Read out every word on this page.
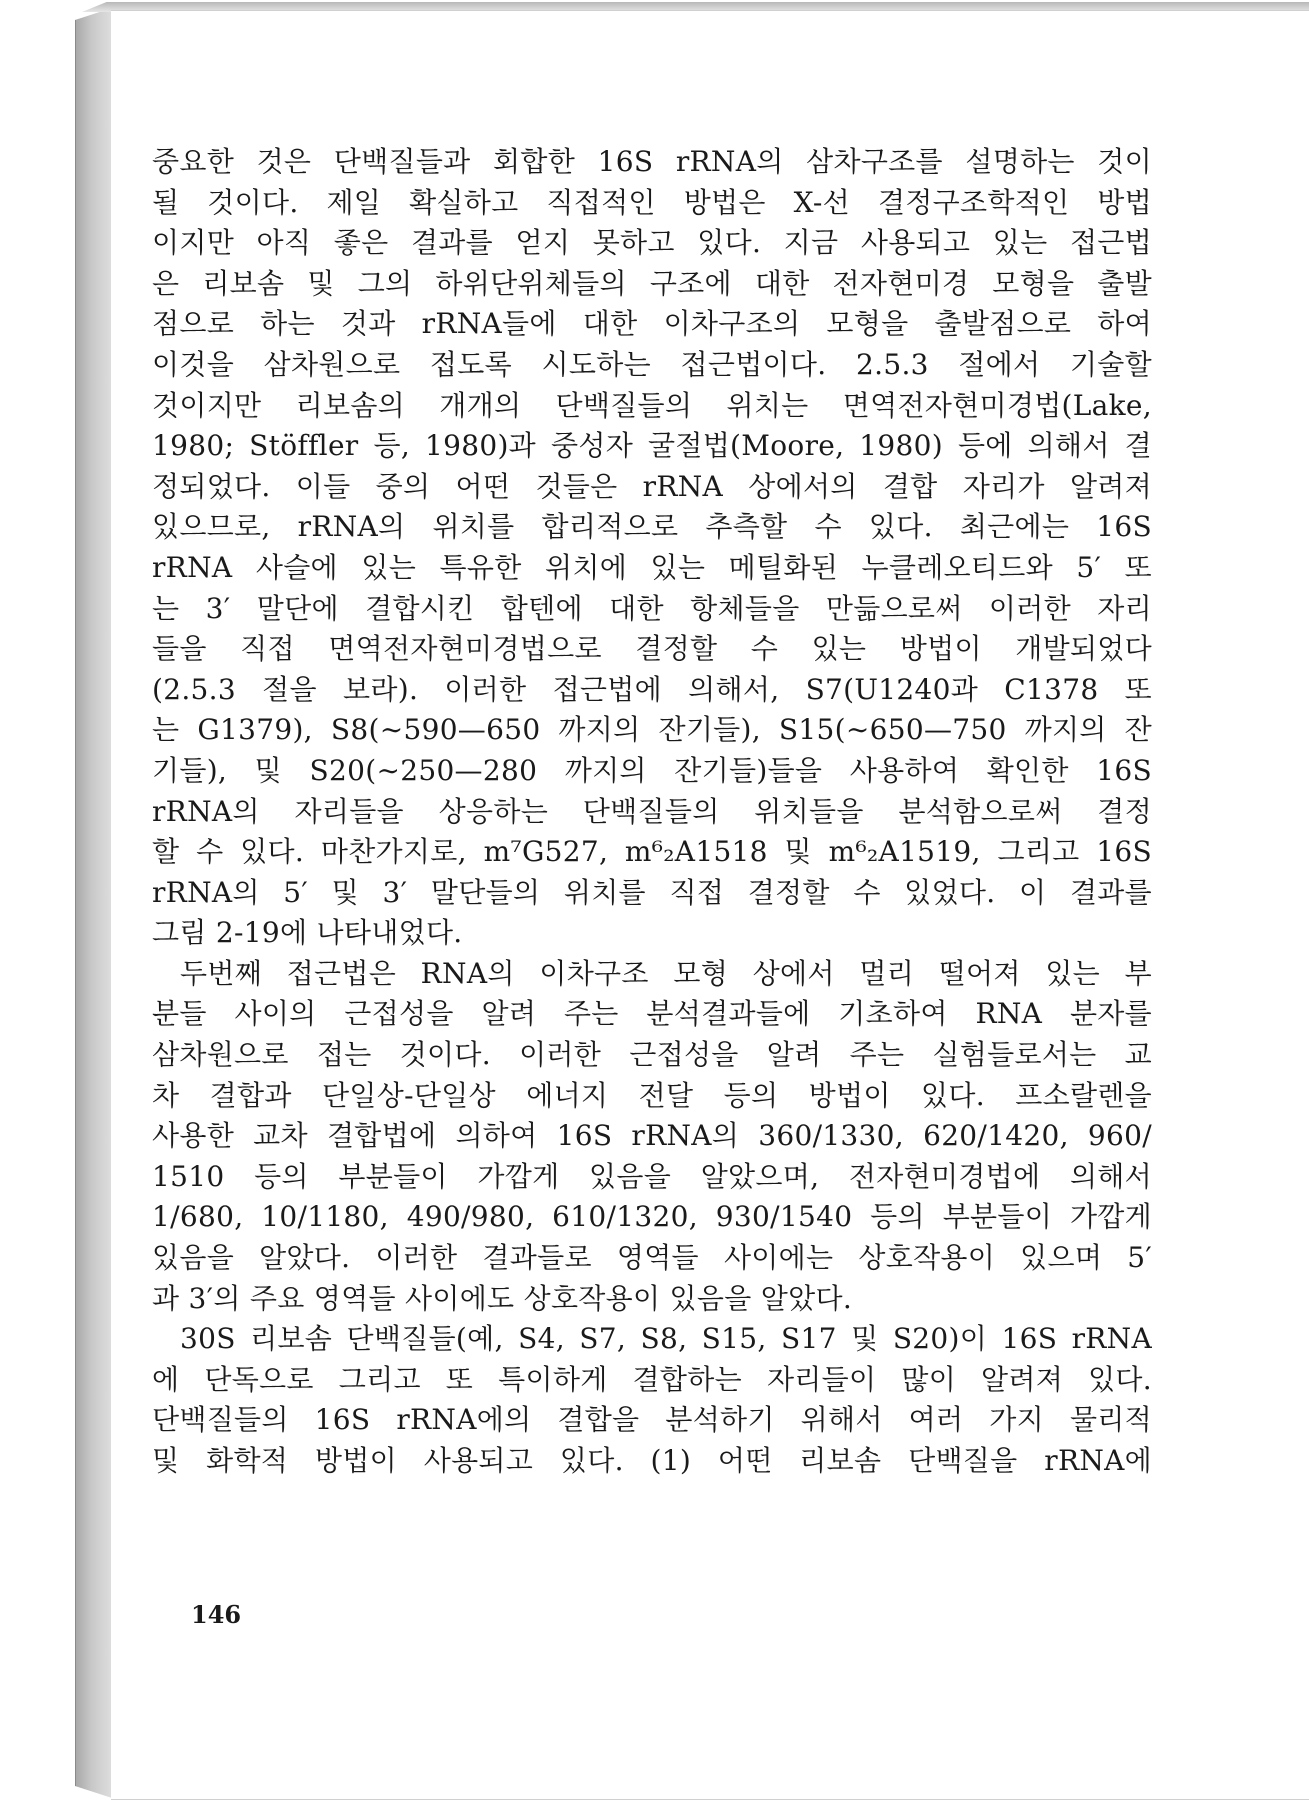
중요한 것은 단백질들과 회합한 16S rRNA의 삼차구조를 설명하는 것이
될 것이다. 제일 확실하고 직접적인 방법은 X-선 결정구조학적인 방법
이지만 아직 좋은 결과를 얻지 못하고 있다. 지금 사용되고 있는 접근법
은 리보솜 및 그의 하위단위체들의 구조에 대한 전자현미경 모형을 출발
점으로 하는 것과 rRNA들에 대한 이차구조의 모형을 출발점으로 하여
이것을 삼차원으로 접도록 시도하는 접근법이다. 2.5.3 절에서 기술할
것이지만 리보솜의 개개의 단백질들의 위치는 면역전자현미경법(Lake,
1980; Stöffler 등, 1980)과 중성자 굴절법(Moore, 1980) 등에 의해서 결
정되었다. 이들 중의 어떤 것들은 rRNA 상에서의 결합 자리가 알려져
있으므로, rRNA의 위치를 합리적으로 추측할 수 있다. 최근에는 16S
rRNA 사슬에 있는 특유한 위치에 있는 메틸화된 누클레오티드와 5′ 또
는 3′ 말단에 결합시킨 합텐에 대한 항체들을 만듦으로써 이러한 자리
들을 직접 면역전자현미경법으로 결정할 수 있는 방법이 개발되었다
(2.5.3 절을 보라). 이러한 접근법에 의해서, S7(U1240과 C1378 또
는 G1379), S8(∼590—650 까지의 잔기들), S15(∼650—750 까지의 잔
기들), 및 S20(∼250—280 까지의 잔기들)들을 사용하여 확인한 16S
rRNA의 자리들을 상응하는 단백질들의 위치들을 분석함으로써 결정
할 수 있다. 마찬가지로, m⁷G527, m⁶₂A1518 및 m⁶₂A1519, 그리고 16S
rRNA의 5′ 및 3′ 말단들의 위치를 직접 결정할 수 있었다. 이 결과를
그림 2-19에 나타내었다.
두번째 접근법은 RNA의 이차구조 모형 상에서 멀리 떨어져 있는 부
분들 사이의 근접성을 알려 주는 분석결과들에 기초하여 RNA 분자를
삼차원으로 접는 것이다. 이러한 근접성을 알려 주는 실험들로서는 교
차 결합과 단일상-단일상 에너지 전달 등의 방법이 있다. 프소랄렌을
사용한 교차 결합법에 의하여 16S rRNA의 360/1330, 620/1420, 960/
1510 등의 부분들이 가깝게 있음을 알았으며, 전자현미경법에 의해서
1/680, 10/1180, 490/980, 610/1320, 930/1540 등의 부분들이 가깝게
있음을 알았다. 이러한 결과들로 영역들 사이에는 상호작용이 있으며 5′
과 3′의 주요 영역들 사이에도 상호작용이 있음을 알았다.
30S 리보솜 단백질들(예, S4, S7, S8, S15, S17 및 S20)이 16S rRNA
에 단독으로 그리고 또 특이하게 결합하는 자리들이 많이 알려져 있다.
단백질들의 16S rRNA에의 결합을 분석하기 위해서 여러 가지 물리적
및 화학적 방법이 사용되고 있다. (1) 어떤 리보솜 단백질을 rRNA에
146
